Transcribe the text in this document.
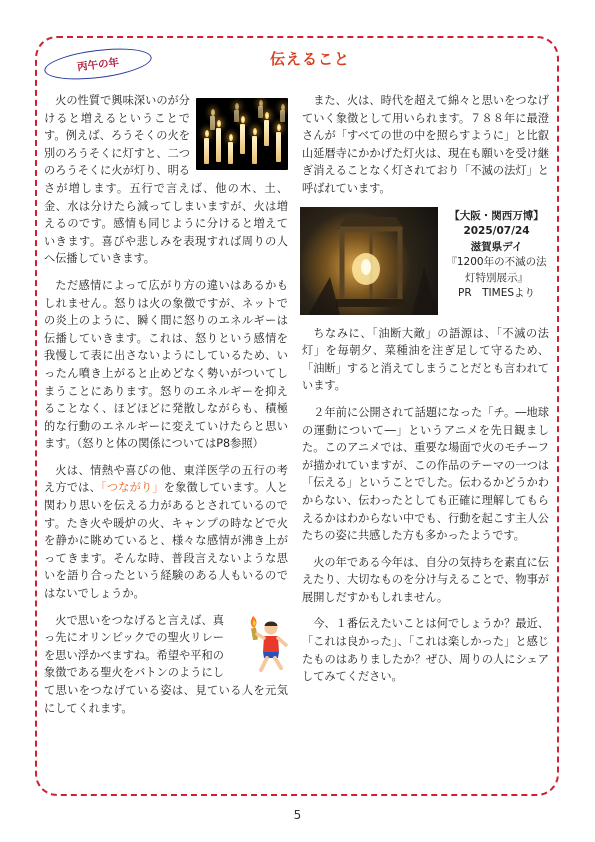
丙午の年	伝えること

火の性質で興味深いのが分けると増えるということです。例えば、ろうそくの火を別のろうそくに灯すと、二つのろうそくに火が灯り、明るさが増します。五行で言えば、他の木、土、金、水は分けたら減ってしまいますが、火は増えるのです。感情も同じように分けると増えていきます。喜びや悲しみを表現すれば周りの人へ伝播していきます。

ただ感情によって広がり方の違いはあるかもしれません。怒りは火の象徴ですが、ネットでの炎上のように、瞬く間に怒りのエネルギーは伝播していきます。これは、怒りという感情を我慢して表に出さないようにしているため、いったん噴き上がると止めどなく勢いがついてしまうことにあります。怒りのエネルギーを抑えることなく、ほどほどに発散しながらも、積極的な行動のエネルギーに変えていけたらと思います。（怒りと体の関係についてはP8参照）

火は、情熱や喜びの他、東洋医学の五行の考え方では、「つながり」を象徴しています。人と関わり思いを伝える力があるとされているのです。たき火や暖炉の火、キャンプの時などで火を静かに眺めていると、様々な感情が沸き上がってきます。そんな時、普段言えないような思いを語り合ったという経験のある人もいるのではないでしょうか。

火で思いをつなげると言えば、真っ先にオリンピックでの聖火リレーを思い浮かべますね。希望や平和の象徴である聖火をバトンのようにして思いをつなげている姿は、見ている人を元気にしてくれます。

また、火は、時代を超えて綿々と思いをつなげていく象徴として用いられます。７８８年に最澄さんが「すべての世の中を照らすように」と比叡山延暦寺にかかげた灯火は、現在も願いを受け継ぎ消えることなく灯されており「不滅の法灯」と呼ばれています。

【大阪・関西万博】
2025/07/24
滋賀県デイ
『1200年の不滅の法灯特別展示』
PR　TIMESより

ちなみに、「油断大敵」の語源は、「不滅の法灯」を毎朝夕、菜種油を注ぎ足して守るため、「油断」すると消えてしまうことだとも言われています。

２年前に公開されて話題になった「チ。―地球の運動について―」というアニメを先日観ました。このアニメでは、重要な場面で火のモチーフが描かれていますが、この作品のテーマの一つは「伝える」ということでした。伝わるかどうかわからない、伝わったとしても正確に理解してもらえるかはわからない中でも、行動を起こす主人公たちの姿に共感した方も多かったようです。

火の年である今年は、自分の気持ちを素直に伝えたり、大切なものを分け与えることで、物事が展開しだすかもしれません。

今、１番伝えたいことは何でしょうか？最近、「これは良かった」、「これは楽しかった」と感じたものはありましたか？ぜひ、周りの人にシェアしてみてください。

5
